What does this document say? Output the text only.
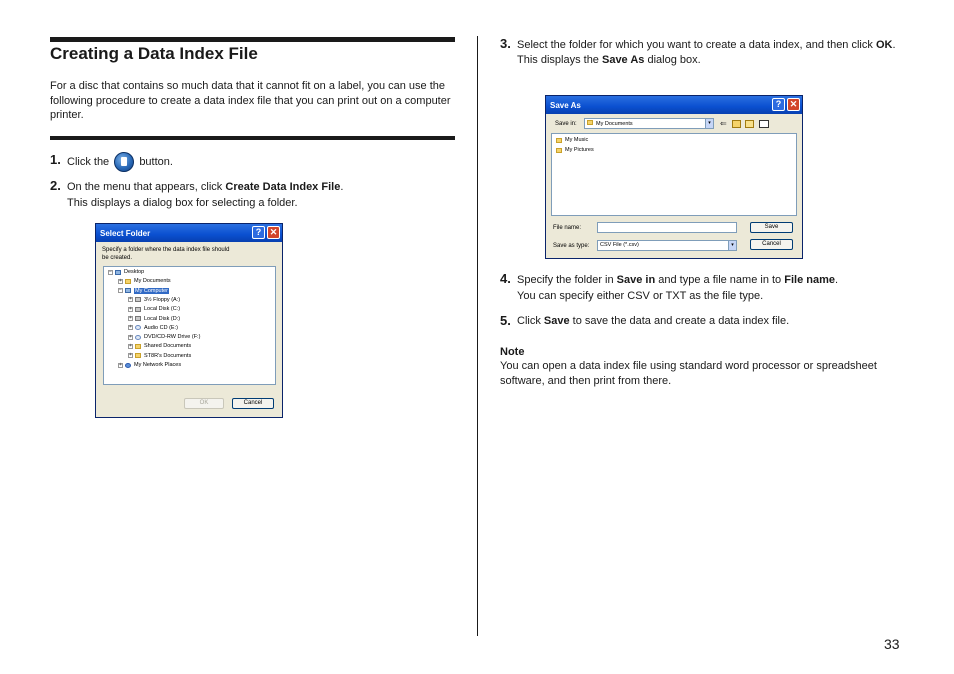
Creating a Data Index File
For a disc that contains so much data that it cannot fit on a label, you can use the following procedure to create a data index file that you can print out on a computer printer.
1. Click the	button.
2. On the menu that appears, click Create Data Index File.
This displays a dialog box for selecting a folder.
Select Folder	? ✕
Specify a folder where the data index file should be created.
− Desktop
+ My Documents
− My Computer
+ 3½ Floppy (A:)
+ Local Disk (C:)
+ Local Disk (D:)
+ Audio CD (E:)
+ DVD/CD-RW Drive (F:)
+ Shared Documents
+ ST8R's Documents
+ My Network Places
OK	Cancel
3. Select the folder for which you want to create a data index, and then click OK.
This displays the Save As dialog box.
Save As	? ✕
Save in:	My Documents	▾ ⇐
My Music
My Pictures
File name:	Save
Save as type:	CSV File (*.csv)	▾	Cancel
4. Specify the folder in Save in and type a file name in to File name.
You can specify either CSV or TXT as the file type.
5. Click Save to save the data and create a data index file.
Note
You can open a data index file using standard word processor or spreadsheet software, and then print from there.
33
